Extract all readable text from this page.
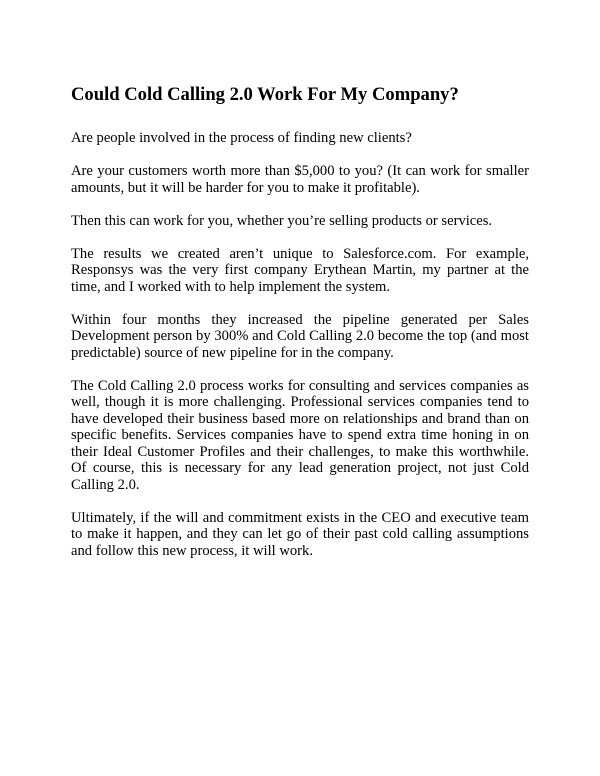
Could Cold Calling 2.0 Work For My Company?

Are people involved in the process of finding new clients?

Are your customers worth more than $5,000 to you? (It can work for smaller amounts, but it will be harder for you to make it profitable).

Then this can work for you, whether you’re selling products or services.

The results we created aren’t unique to Salesforce.com. For example, Responsys was the very first company Erythean Martin, my partner at the time, and I worked with to help implement the system.

Within four months they increased the pipeline generated per Sales Development person by 300% and Cold Calling 2.0 become the top (and most predictable) source of new pipeline for in the company.

The Cold Calling 2.0 process works for consulting and services companies as well, though it is more challenging. Professional services companies tend to have developed their business based more on relationships and brand than on specific benefits. Services companies have to spend extra time honing in on their Ideal Customer Profiles and their challenges, to make this worthwhile. Of course, this is necessary for any lead generation project, not just Cold Calling 2.0.

Ultimately, if the will and commitment exists in the CEO and executive team to make it happen, and they can let go of their past cold calling assumptions and follow this new process, it will work.
